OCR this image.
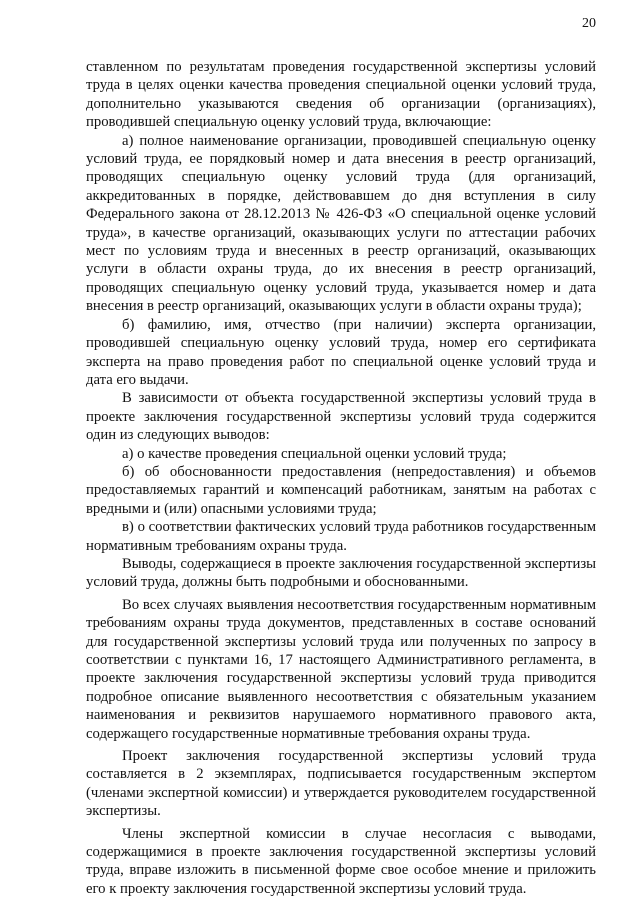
20

ставленном по результатам проведения государственной экспертизы условий труда в целях оценки качества проведения специальной оценки условий труда, дополнительно указываются сведения об организации (организациях), проводившей специальную оценку условий труда, включающие:

а) полное наименование организации, проводившей специальную оценку условий труда, ее порядковый номер и дата внесения в реестр организаций, проводящих специальную оценку условий труда (для организаций, аккредитованных в порядке, действовавшем до дня вступления в силу Федерального закона от 28.12.2013 № 426-ФЗ «О специальной оценке условий труда», в качестве организаций, оказывающих услуги по аттестации рабочих мест по условиям труда и внесенных в реестр организаций, оказывающих услуги в области охраны труда, до их внесения в реестр организаций, проводящих специальную оценку условий труда, указывается номер и дата внесения в реестр организаций, оказывающих услуги в области охраны труда);

б) фамилию, имя, отчество (при наличии) эксперта организации, проводившей специальную оценку условий труда, номер его сертификата эксперта на право проведения работ по специальной оценке условий труда и дата его выдачи.

В зависимости от объекта государственной экспертизы условий труда в проекте заключения государственной экспертизы условий труда содержится один из следующих выводов:

а) о качестве проведения специальной оценки условий труда;

б) об обоснованности предоставления (непредоставления) и объемов предоставляемых гарантий и компенсаций работникам, занятым на работах с вредными и (или) опасными условиями труда;

в) о соответствии фактических условий труда работников государственным нормативным требованиям охраны труда.

Выводы, содержащиеся в проекте заключения государственной экспертизы условий труда, должны быть подробными и обоснованными.

Во всех случаях выявления несоответствия государственным нормативным требованиям охраны труда документов, представленных в составе оснований для государственной экспертизы условий труда или полученных по запросу в соответствии с пунктами 16, 17 настоящего Административного регламента, в проекте заключения государственной экспертизы условий труда приводится подробное описание выявленного несоответствия с обязательным указанием наименования и реквизитов нарушаемого нормативного правового акта, содержащего государственные нормативные требования охраны труда.

Проект заключения государственной экспертизы условий труда составляется в 2 экземплярах, подписывается государственным экспертом (членами экспертной комиссии) и утверждается руководителем государственной экспертизы.

Члены экспертной комиссии в случае несогласия с выводами, содержащимися в проекте заключения государственной экспертизы условий труда, вправе изложить в письменной форме свое особое мнение и приложить его к проекту заключения государственной экспертизы условий труда.
